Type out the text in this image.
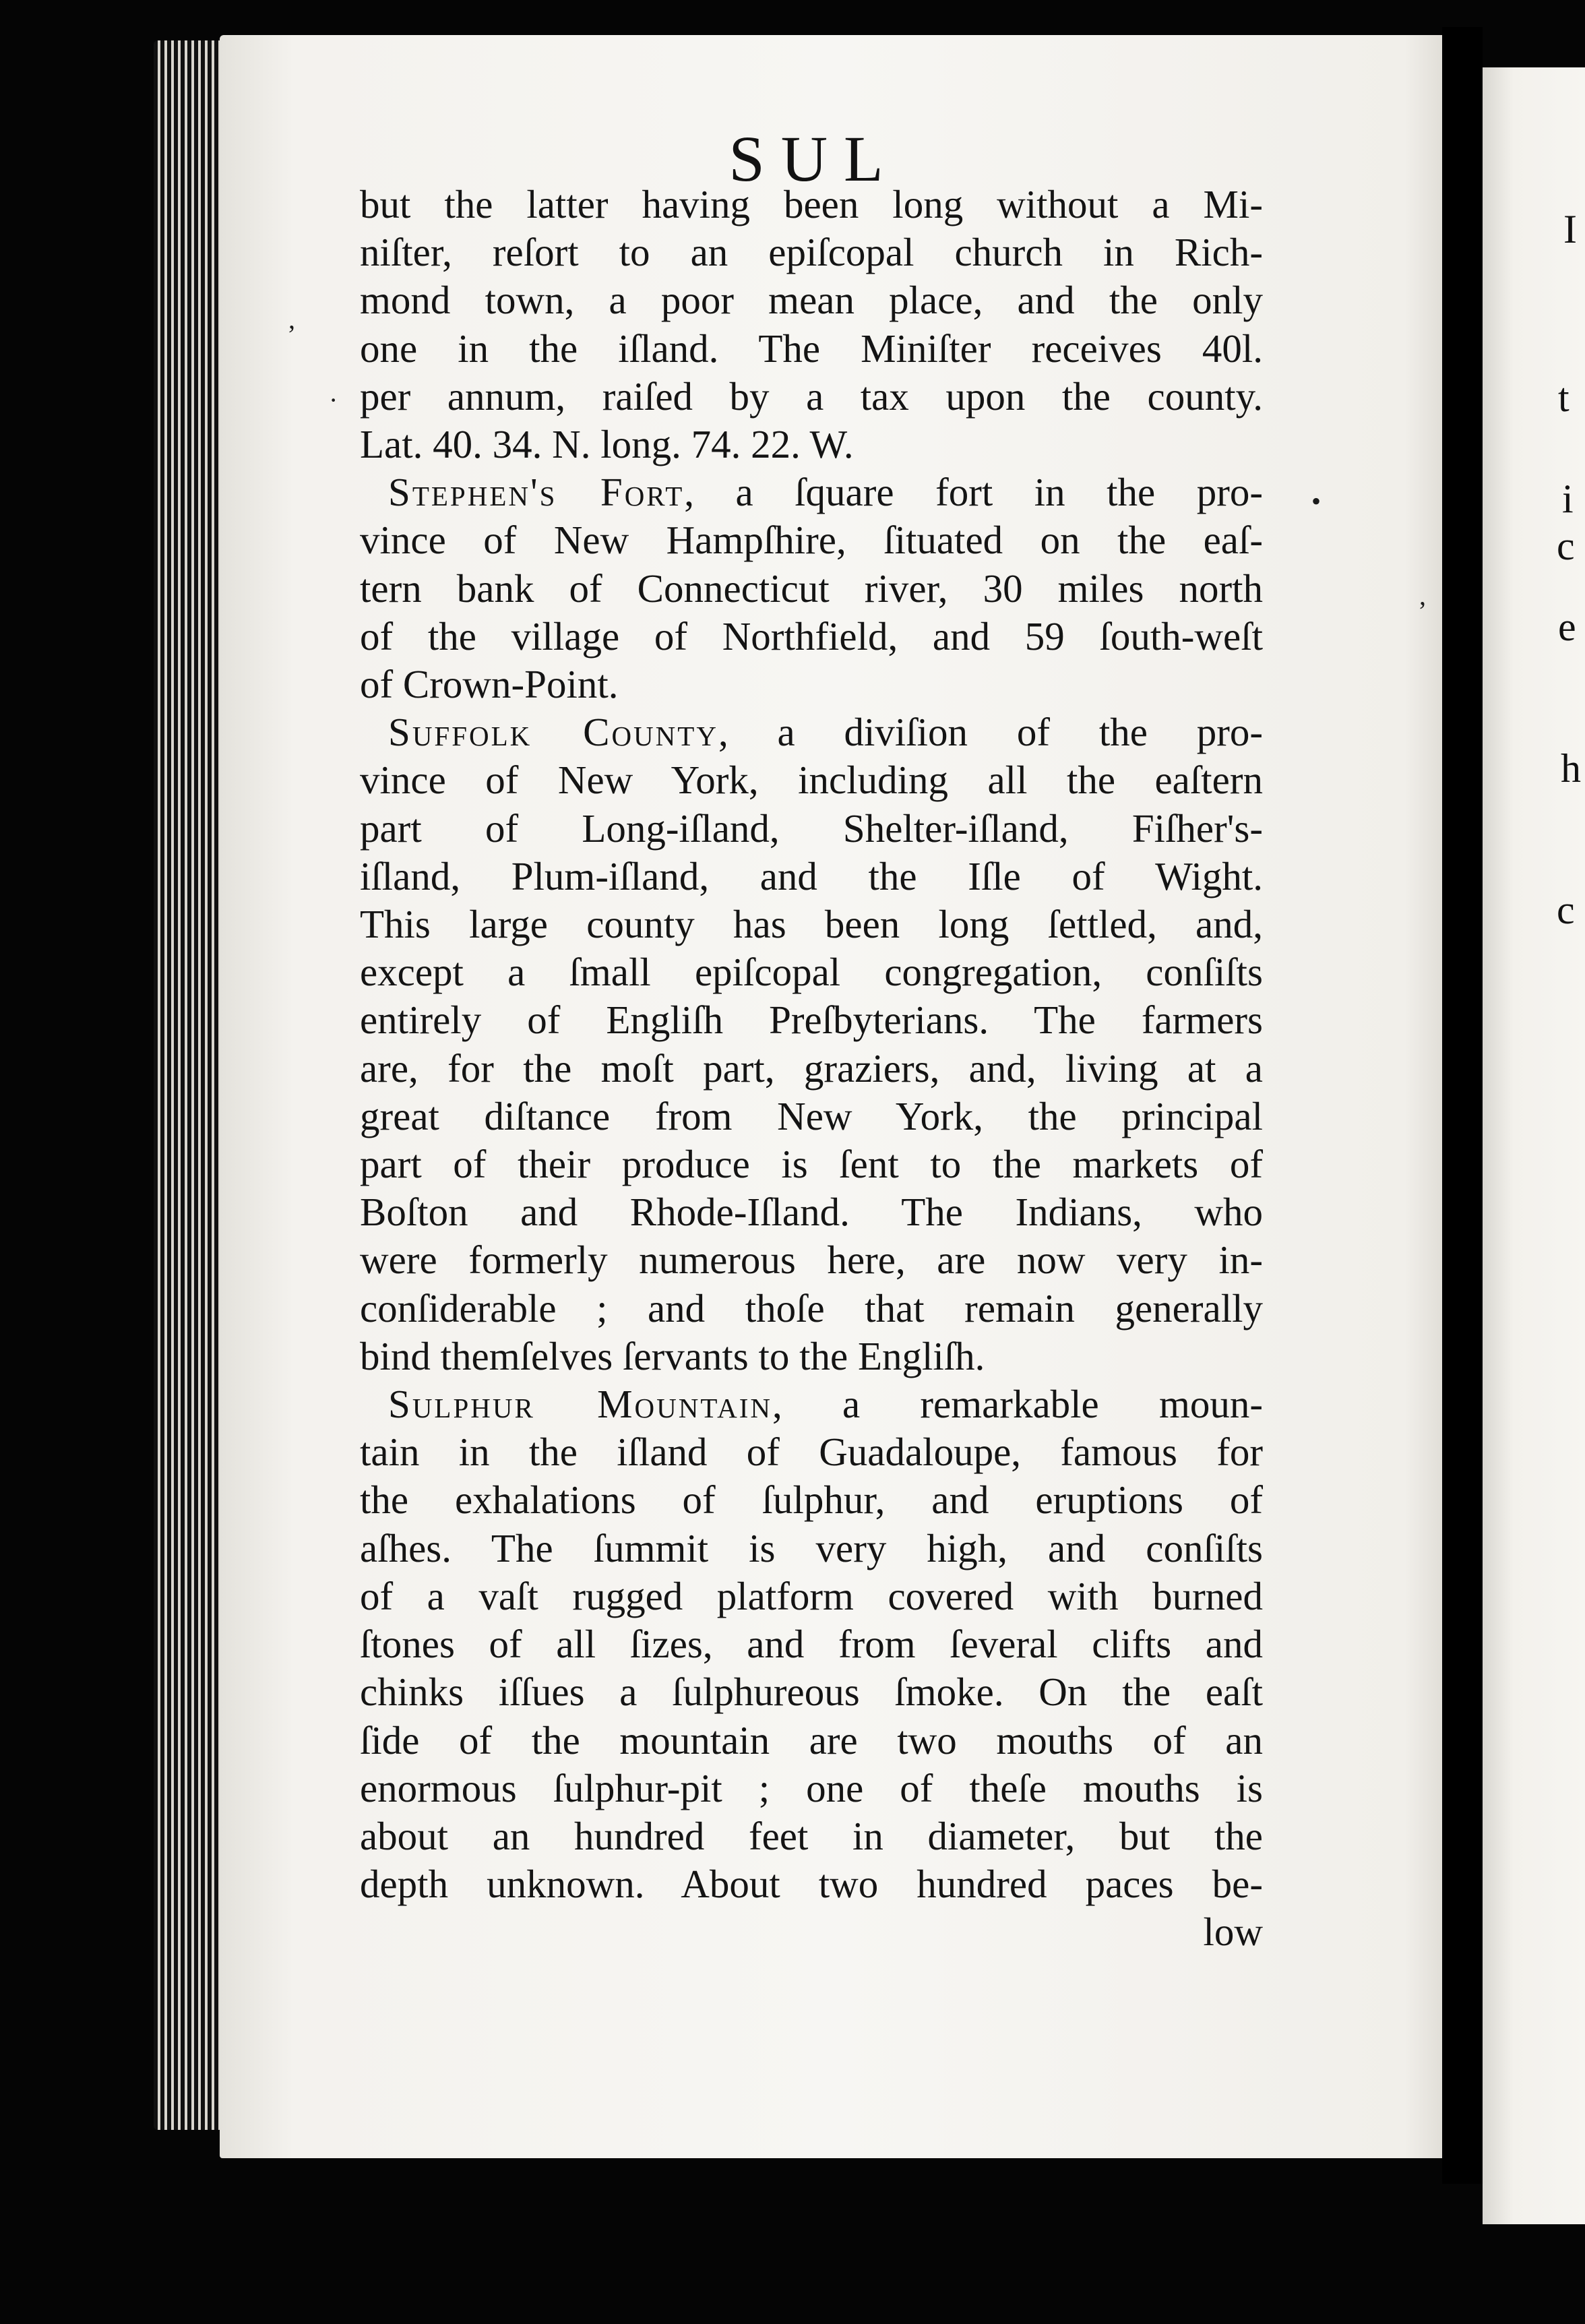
I
t
i
c
e
h
c
,
·
•
,
SUL
but the latter having been long without a Mi-
niſter, reſort to an epiſcopal church in Rich-
mond town, a poor mean place, and the only
one in the iſland. The Miniſter receives 40l.
per annum, raiſed by a tax upon the county.
Lat. 40. 34. N. long. 74. 22. W.
Stephen's Fort, a ſquare fort in the pro-
vince of New Hampſhire, ſituated on the eaſ-
tern bank of Connecticut river, 30 miles north
of the village of Northfield, and 59 ſouth-weſt
of Crown-Point.
Suffolk County, a diviſion of the pro-
vince of New York, including all the eaſtern
part of Long-iſland, Shelter-iſland, Fiſher's-
iſland, Plum-iſland, and the Iſle of Wight.
This large county has been long ſettled, and,
except a ſmall epiſcopal congregation, conſiſts
entirely of Engliſh Preſbyterians. The farmers
are, for the moſt part, graziers, and, living at a
great diſtance from New York, the principal
part of their produce is ſent to the markets of
Boſton and Rhode-Iſland. The Indians, who
were formerly numerous here, are now very in-
conſiderable ; and thoſe that remain generally
bind themſelves ſervants to the Engliſh.
Sulphur Mountain, a remarkable moun-
tain in the iſland of Guadaloupe, famous for
the exhalations of ſulphur, and eruptions of
aſhes. The ſummit is very high, and conſiſts
of a vaſt rugged platform covered with burned
ſtones of all ſizes, and from ſeveral clifts and
chinks iſſues a ſulphureous ſmoke. On the eaſt
ſide of the mountain are two mouths of an
enormous ſulphur-pit ; one of theſe mouths is
about an hundred feet in diameter, but the
depth unknown. About two hundred paces be-
low
